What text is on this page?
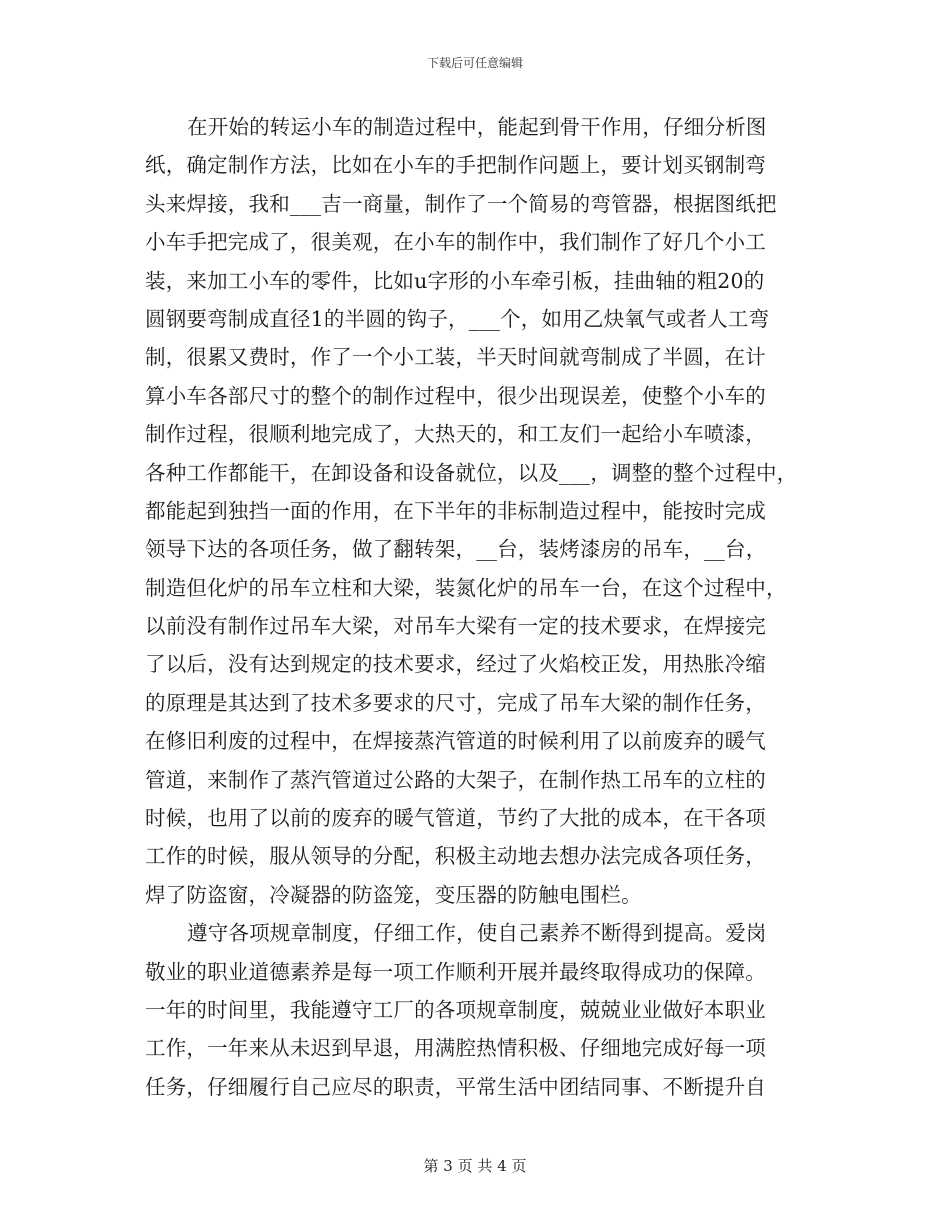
下载后可任意编辑
在开始的转运小车的制造过程中，能起到骨干作用，仔细分析图
纸，确定制作方法，比如在小车的手把制作问题上，要计划买钢制弯
头来焊接，我和___吉一商量，制作了一个简易的弯管器，根据图纸把
小车手把完成了，很美观，在小车的制作中，我们制作了好几个小工
装，来加工小车的零件，比如u字形的小车牵引板，挂曲轴的粗20的
圆钢要弯制成直径1的半圆的钩子，___个，如用乙炔氧气或者人工弯
制，很累又费时，作了一个小工装，半天时间就弯制成了半圆，在计
算小车各部尺寸的整个的制作过程中，很少出现误差，使整个小车的
制作过程，很顺利地完成了，大热天的，和工友们一起给小车喷漆，
各种工作都能干，在卸设备和设备就位，以及___，调整的整个过程中，
都能起到独挡一面的作用，在下半年的非标制造过程中，能按时完成
领导下达的各项任务，做了翻转架，__台，装烤漆房的吊车，__台，
制造但化炉的吊车立柱和大梁，装氮化炉的吊车一台，在这个过程中，
以前没有制作过吊车大梁，对吊车大梁有一定的技术要求，在焊接完
了以后，没有达到规定的技术要求，经过了火焰校正发，用热胀冷缩
的原理是其达到了技术多要求的尺寸，完成了吊车大梁的制作任务，
在修旧利废的过程中，在焊接蒸汽管道的时候利用了以前废弃的暖气
管道，来制作了蒸汽管道过公路的大架子，在制作热工吊车的立柱的
时候，也用了以前的废弃的暖气管道，节约了大批的成本，在干各项
工作的时候，服从领导的分配，积极主动地去想办法完成各项任务，
焊了防盗窗，冷凝器的防盗笼，变压器的防触电围栏。
遵守各项规章制度，仔细工作，使自己素养不断得到提高。爱岗
敬业的职业道德素养是每一项工作顺利开展并最终取得成功的保障。
一年的时间里，我能遵守工厂的各项规章制度，兢兢业业做好本职业
工作，一年来从未迟到早退，用满腔热情积极、仔细地完成好每一项
任务，仔细履行自己应尽的职责，平常生活中团结同事、不断提升自
第 3 页 共 4 页
